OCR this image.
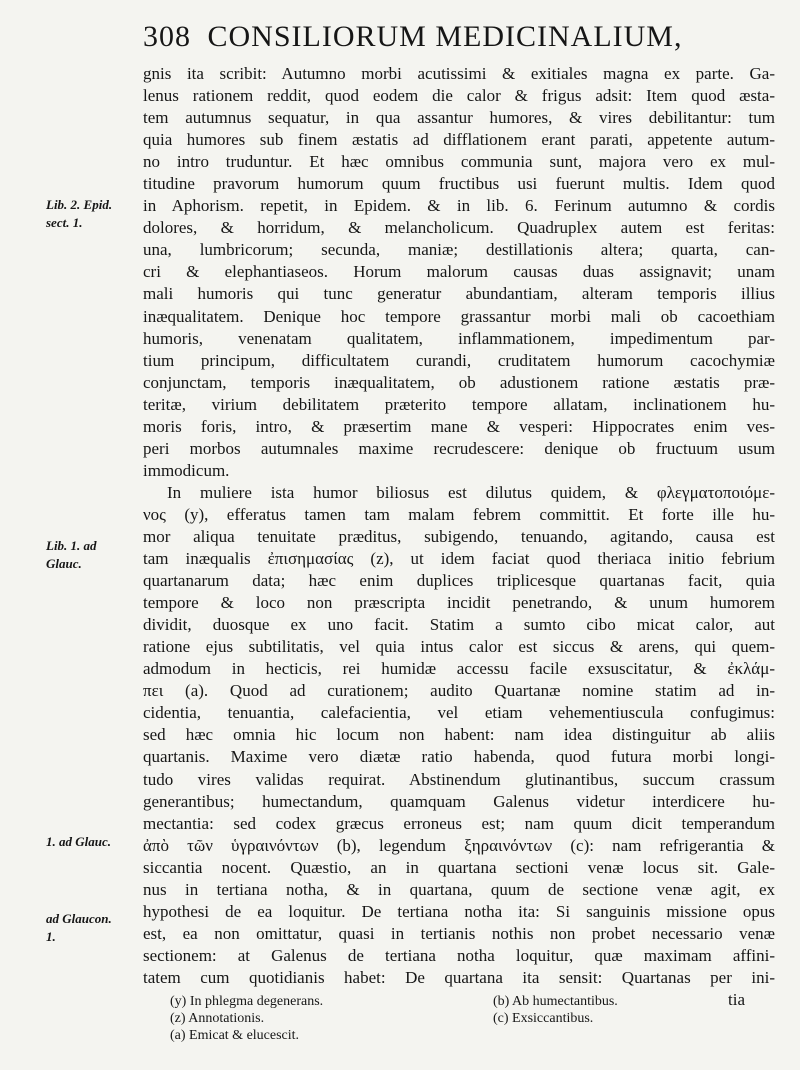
308 CONSILIORUM MEDICINALIUM,
gnis ita scribit: Autumno morbi acutissimi & exitiales magna ex parte. Ga-
lenus rationem reddit, quod eodem die calor & frigus adsit: Item quod æsta-
tem autumnus sequatur, in qua assantur humores, & vires debilitantur: tum
quia humores sub finem æstatis ad difflationem erant parati, appetente autum-
no intro truduntur. Et hæc omnibus communia sunt, majora vero ex mul-
titudine pravorum humorum quum fructibus usi fuerunt multis. Idem quod
in Aphorism. repetit, in Epidem. & in lib. 6. Ferinum autumno & cordis
dolores, & horridum, & melancholicum. Quadruplex autem est feritas:
una, lumbricorum; secunda, maniæ; destillationis altera; quarta, can-
cri & elephantiaseos. Horum malorum causas duas assignavit; unam
mali humoris qui tunc generatur abundantiam, alteram temporis illius
inæqualitatem. Denique hoc tempore grassantur morbi mali ob cacoethiam
humoris, venenatam qualitatem, inflammationem, impedimentum par-
tium principum, difficultatem curandi, cruditatem humorum cacochymiæ
conjunctam, temporis inæqualitatem, ob adustionem ratione æstatis præ-
teritæ, virium debilitatem præterito tempore allatam, inclinationem hu-
moris foris, intro, & præsertim mane & vesperi: Hippocrates enim ves-
peri morbos autumnales maxime recrudescere: denique ob fructuum usum
immodicum.
In muliere ista humor biliosus est dilutus quidem, & φλεγματοποιόμε-
νος (y), efferatus tamen tam malam febrem committit. Et forte ille hu-
mor aliqua tenuitate præditus, subigendo, tenuando, agitando, causa est
tam inæqualis ἐπισημασίας (z), ut idem faciat quod theriaca initio febrium
quartanarum data; hæc enim duplices triplicesque quartanas facit, quia
tempore & loco non præscripta incidit penetrando, & unum humorem
dividit, duosque ex uno facit. Statim a sumto cibo micat calor, aut
ratione ejus subtilitatis, vel quia intus calor est siccus & arens, qui quem-
admodum in hecticis, rei humidæ accessu facile exsuscitatur, & ἐκλάμ-
πει (a). Quod ad curationem; audito Quartanæ nomine statim ad in-
cidentia, tenuantia, calefacientia, vel etiam vehementiuscula confugimus:
sed hæc omnia hic locum non habent: nam idea distinguitur ab aliis
quartanis. Maxime vero diætæ ratio habenda, quod futura morbi longi-
tudo vires validas requirat. Abstinendum glutinantibus, succum crassum
generantibus; humectandum, quamquam Galenus videtur interdicere hu-
mectantia: sed codex græcus erroneus est; nam quum dicit temperandum
ἀπὸ τῶν ὑγραινόντων (b), legendum ξηραινόντων (c): nam refrigerantia &
siccantia nocent. Quæstio, an in quartana sectioni venæ locus sit. Gale-
nus in tertiana notha, & in quartana, quum de sectione venæ agit, ex
hypothesi de ea loquitur. De tertiana notha ita: Si sanguinis missione opus
est, ea non omittatur, quasi in tertianis nothis non probet necessario venæ
sectionem: at Galenus de tertiana notha loquitur, quæ maximam affini-
tatem cum quotidianis habet: De quartana ita sensit: Quartanas per ini-
tia
Lib. 2. Epid.
sect. 1.
Lib. 1. ad
Glauc.
1. ad Glauc.
ad Glaucon.
1.
(y) In phlegma degenerans.
(z) Annotationis.
(a) Emicat & elucescit.
(b) Ab humectantibus.
(c) Exsiccantibus.
